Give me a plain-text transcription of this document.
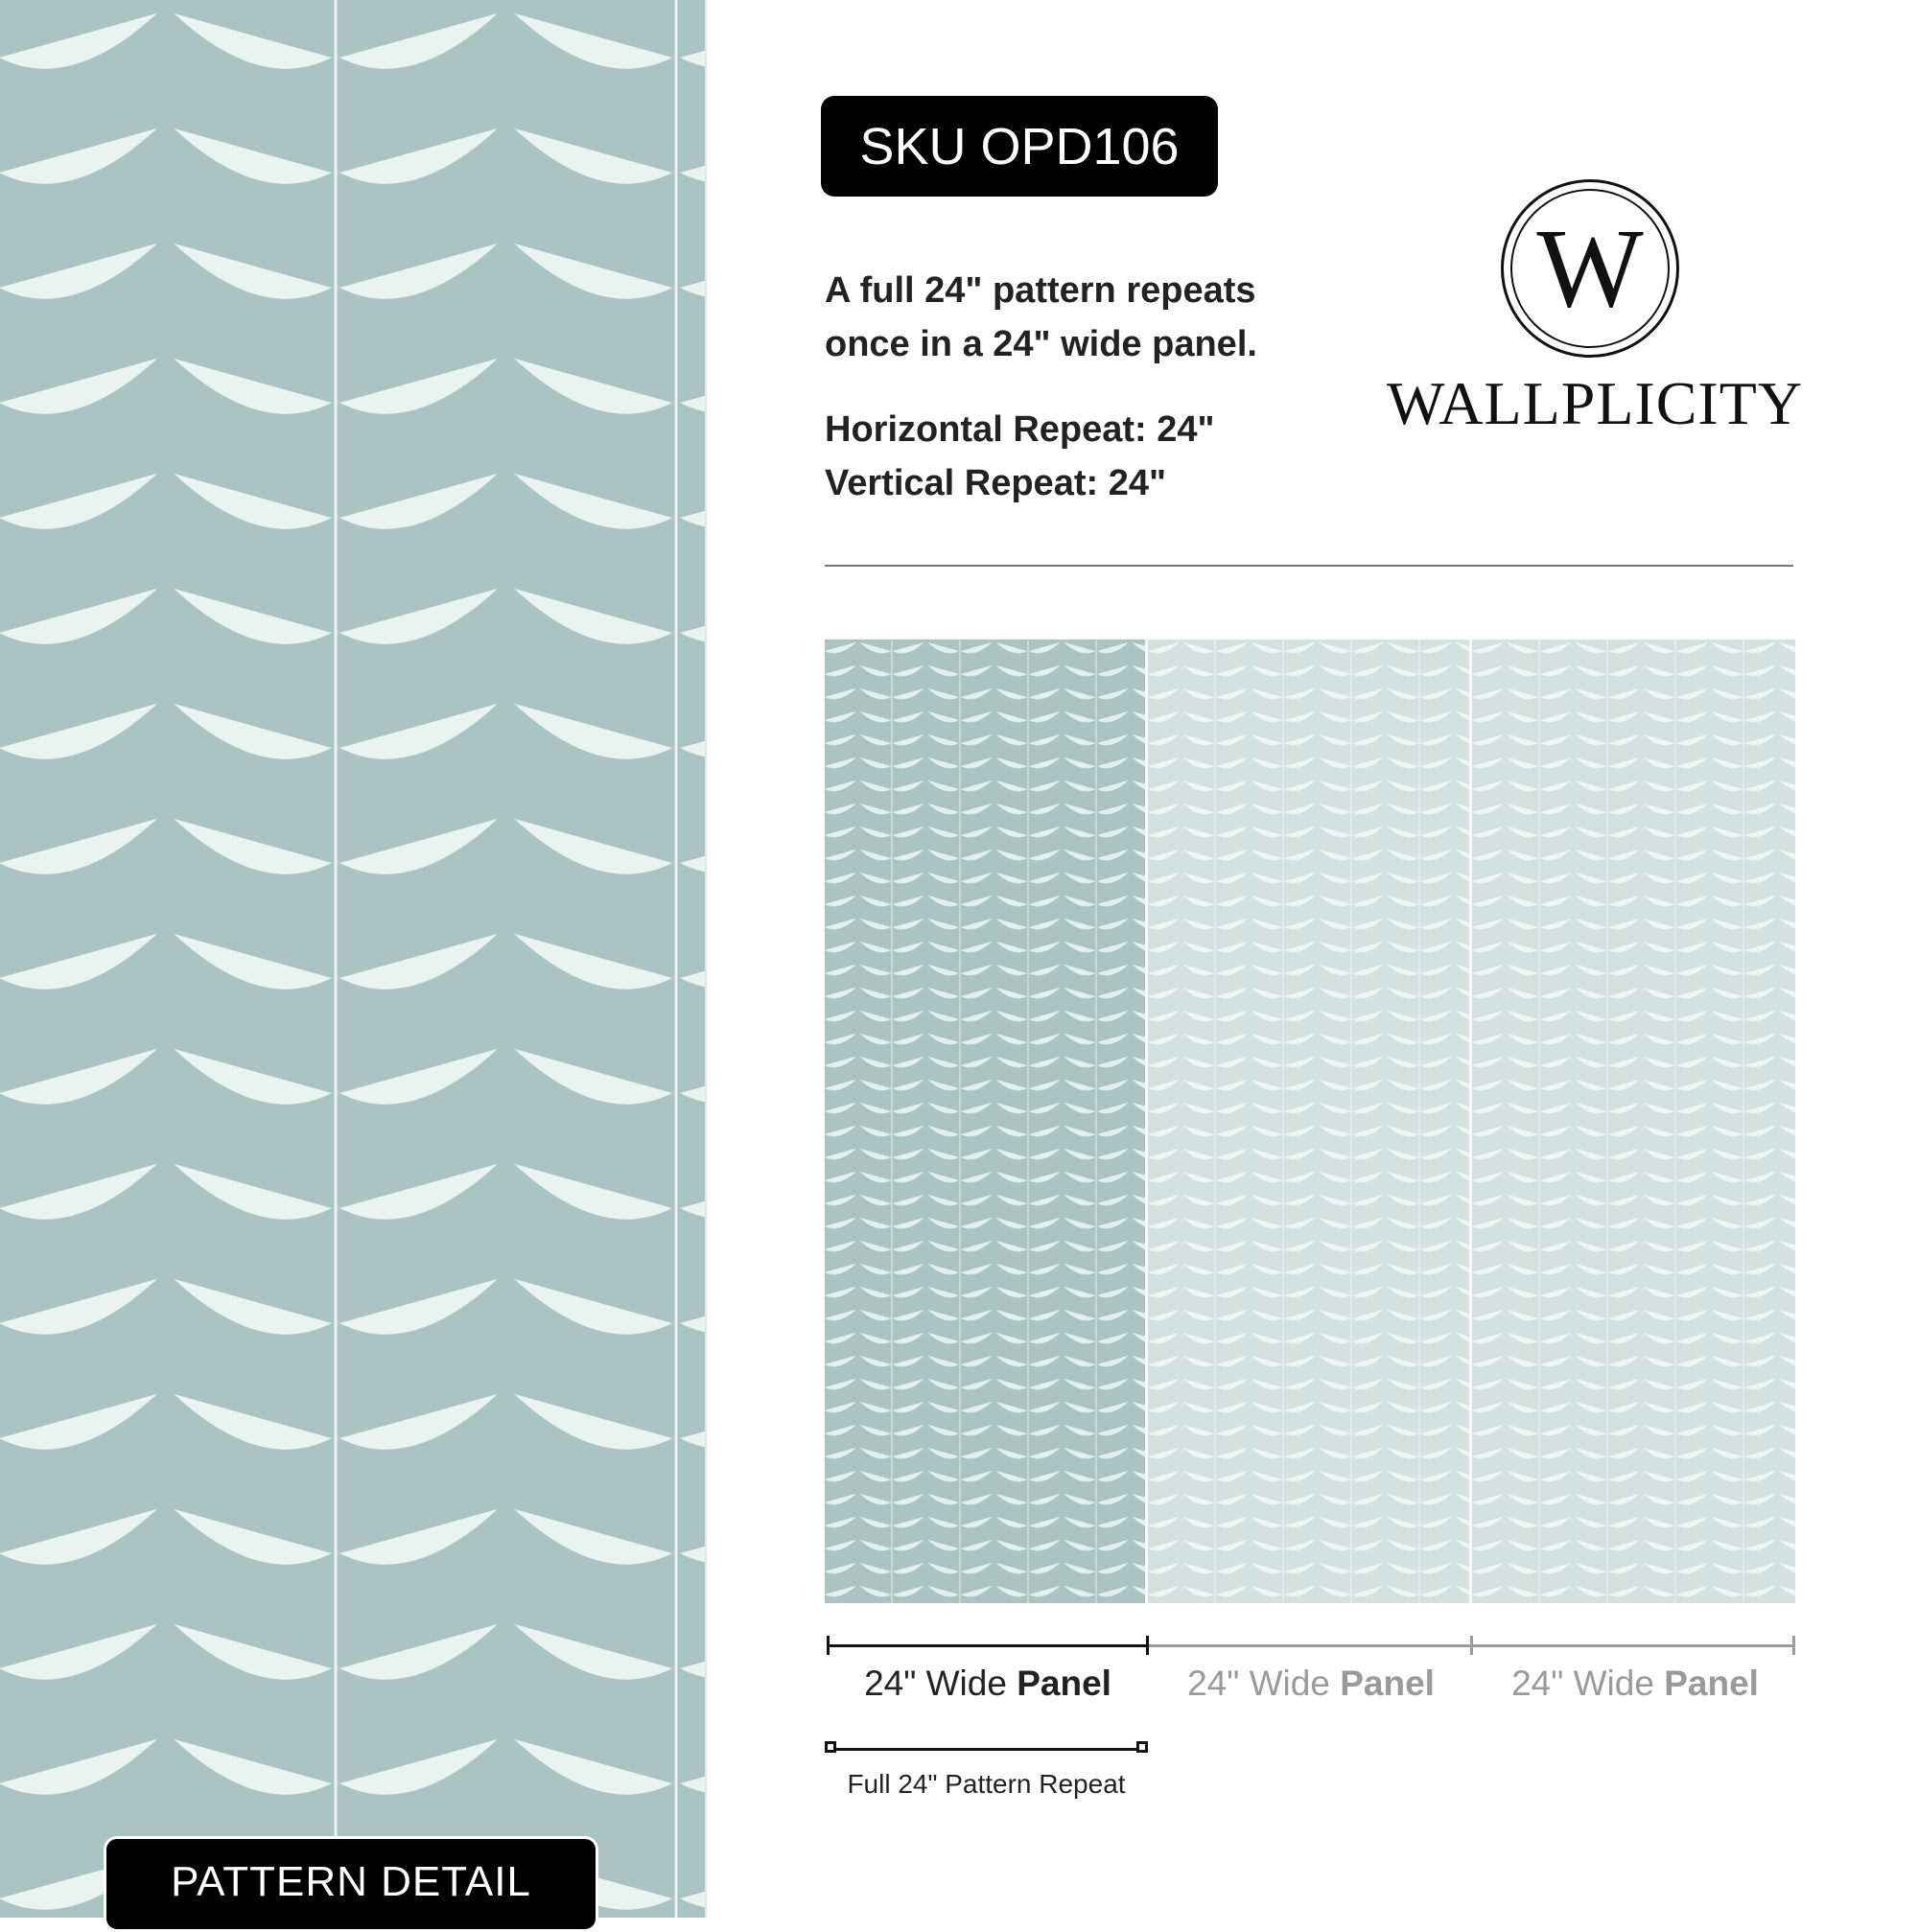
PATTERN DETAIL
SKU OPD106
A full 24" pattern repeats
once in a 24" wide panel.
Horizontal Repeat: 24"
Vertical Repeat: 24"
W
WALLPLICITY
24" Wide Panel	24" Wide Panel	24" Wide Panel
Full 24" Pattern Repeat
